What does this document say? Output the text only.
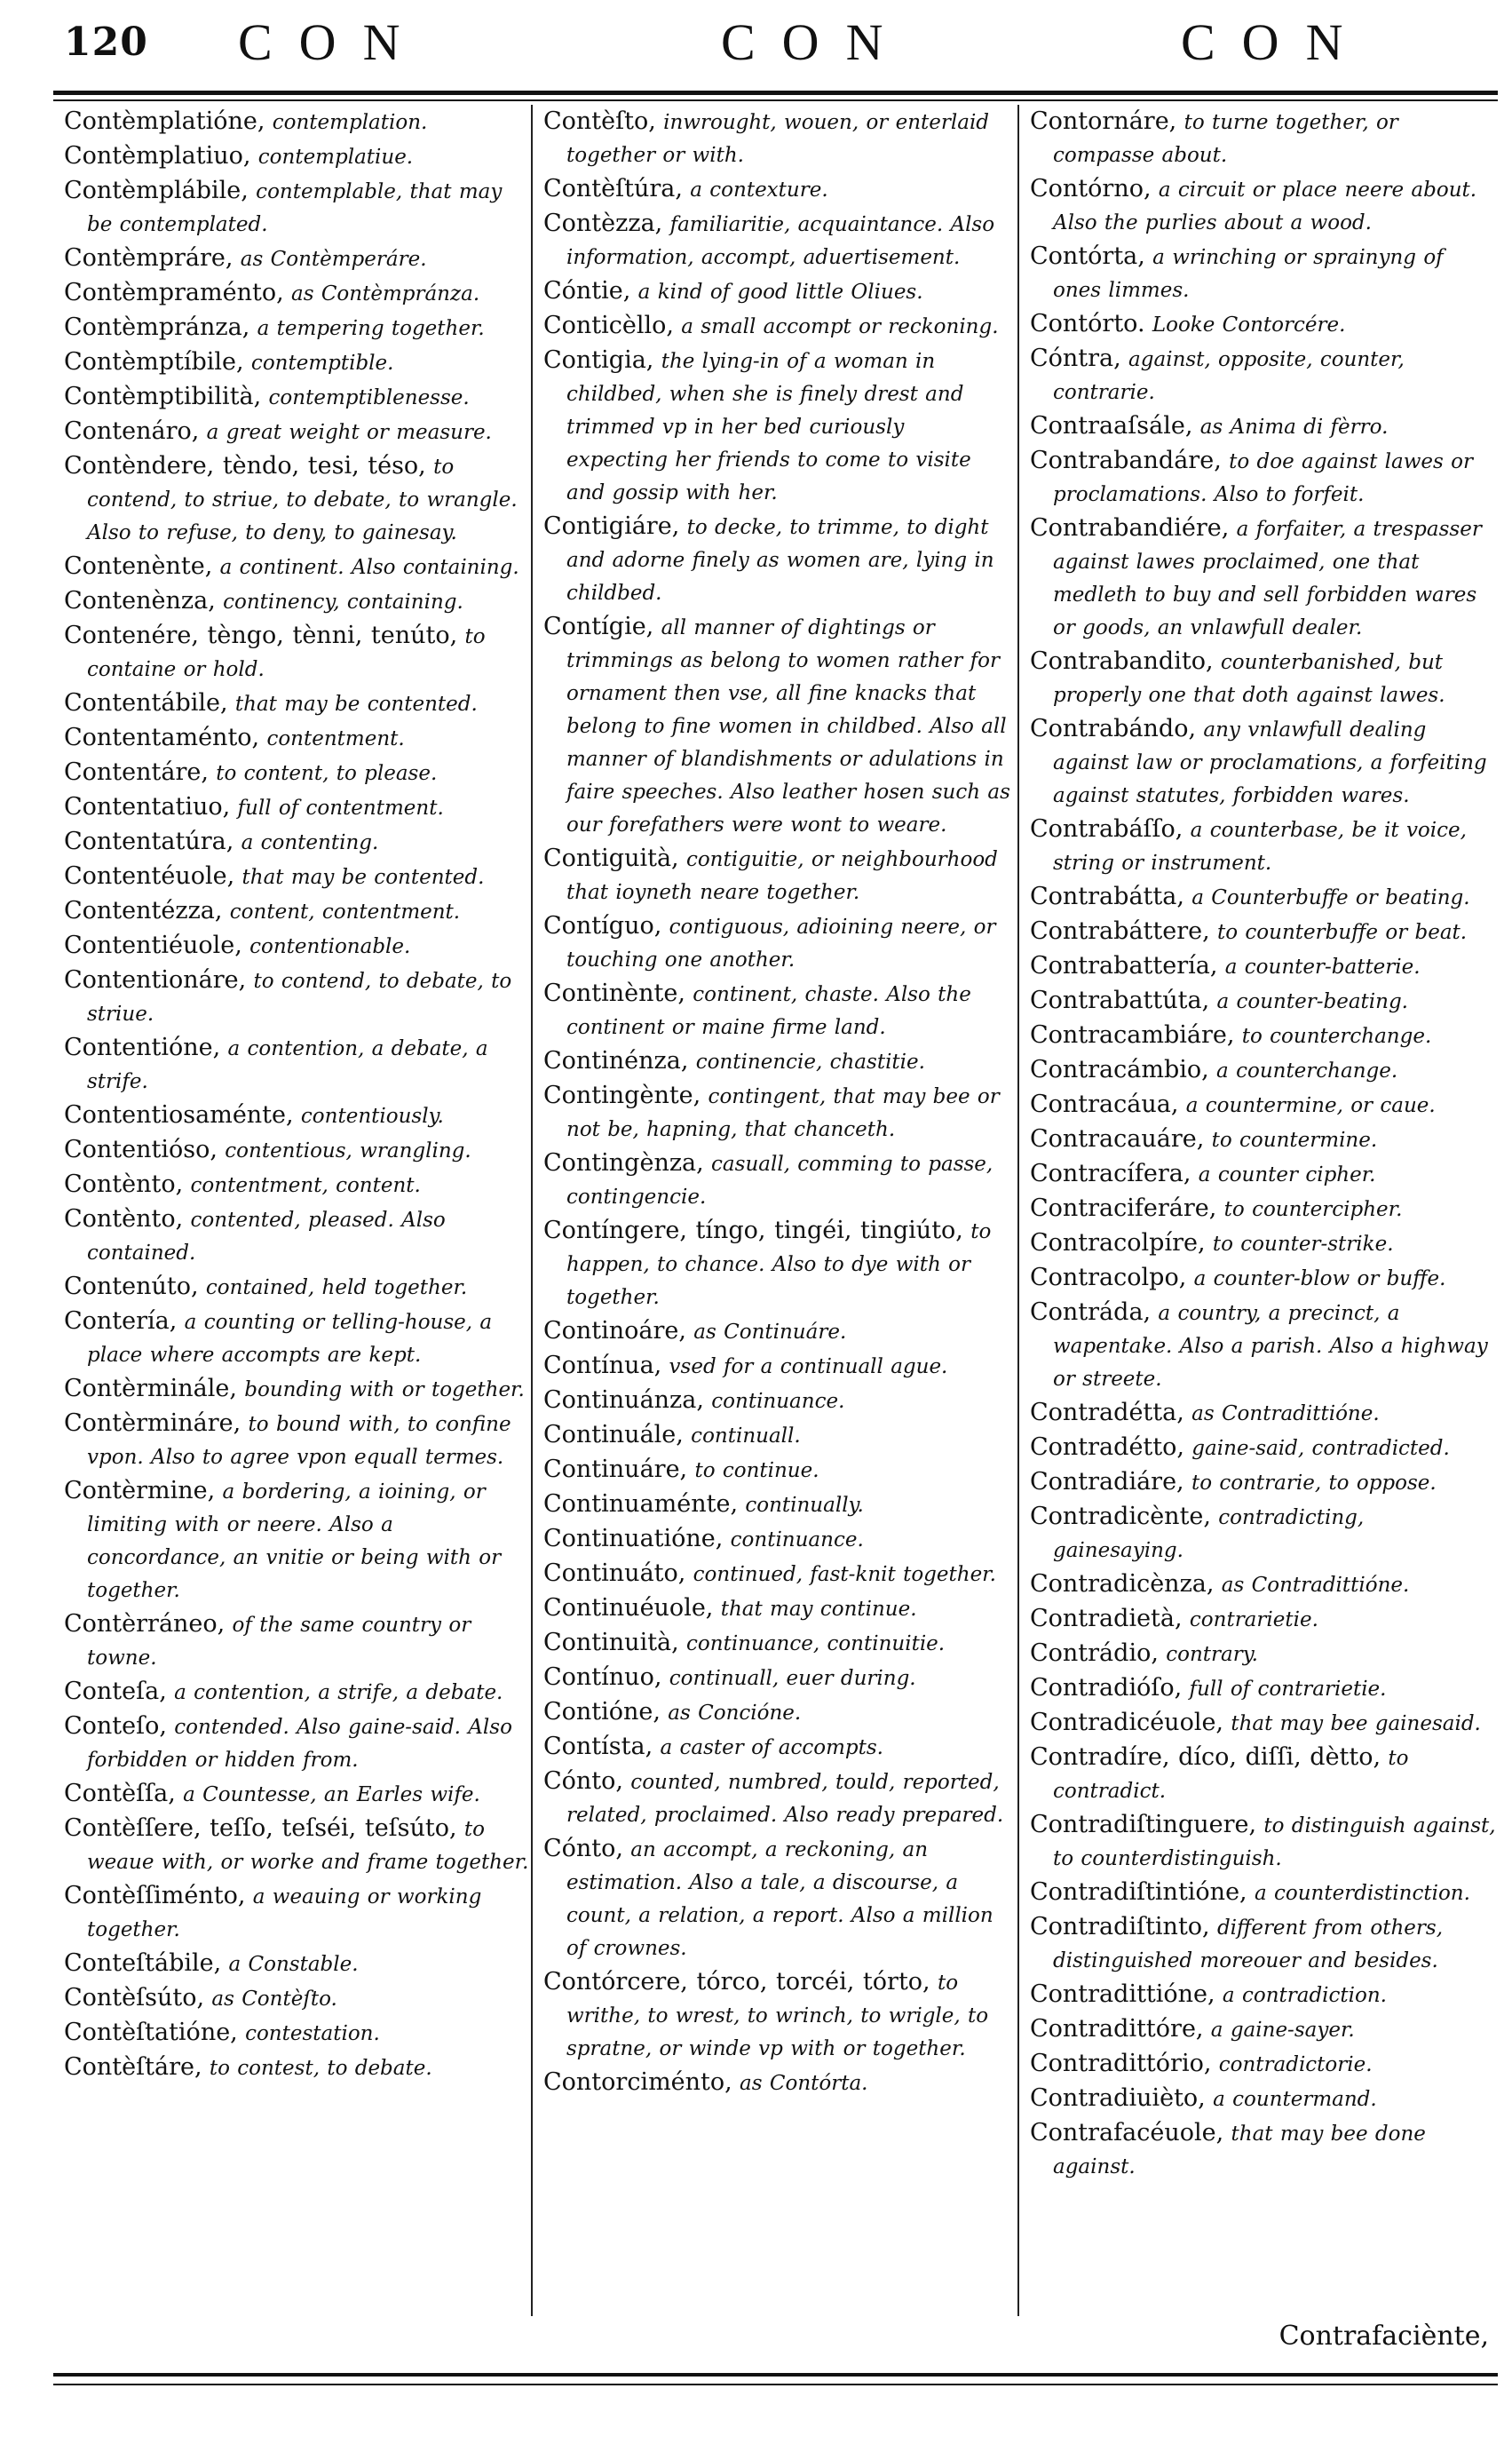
120 CON	CON	CON

Contèmplatióne, contemplation.

Contèmplatiuo, contemplatiue.

Contèmplábile, contemplable, that may be contemplated.

Contèmpráre, as Contèmperáre.

Contèmpraménto, as Contèmpránza.

Contèmpránza, a tempering together.

Contèmptíbile, contemptible.

Contèmptibilità, contemptiblenesse.

Contenáro, a great weight or measure.

Contèndere, tèndo, tesi, téso, to contend, to striue, to debate, to wrangle. Also to refuse, to deny, to gainesay.

Contenènte, a continent. Also containing.

Contenènza, continency, containing.

Contenére, tèngo, tènni, tenúto, to containe or hold.

Contentábile, that may be contented.

Contentaménto, contentment.

Contentáre, to content, to please.

Contentatiuo, full of contentment.

Contentatúra, a contenting.

Contentéuole, that may be contented.

Contentézza, content, contentment.

Contentiéuole, contentionable.

Contentionáre, to contend, to debate, to striue.

Contentióne, a contention, a debate, a strife.

Contentiosaménte, contentiously.

Contentióso, contentious, wrangling.

Contènto, contentment, content.

Contènto, contented, pleased. Also contained.

Contenúto, contained, held together.

Contería, a counting or telling-house, a place where accompts are kept.

Contèrminále, bounding with or together.

Contèrmináre, to bound with, to confine vpon. Also to agree vpon equall termes.

Contèrmine, a bordering, a ioining, or limiting with or neere. Also a concordance, an vnitie or being with or together.

Contèrráneo, of the same country or towne.

Conteſa, a contention, a strife, a debate.

Conteſo, contended. Also gaine-said. Also forbidden or hidden from.

Contèſſa, a Countesse, an Earles wife.

Contèſſere, teſſo, teſséi, teſsúto, to weaue with, or worke and frame together.

Contèſſiménto, a weauing or working together.

Conteſtábile, a Constable.

Contèſsúto, as Contèſto.

Contèſtatióne, contestation.

Contèſtáre, to contest, to debate.

Contèſto, inwrought, wouen, or enterlaid together or with.

Contèſtúra, a contexture.

Contèzza, familiaritie, acquaintance. Also information, accompt, aduertisement.

Cóntie, a kind of good little Oliues.

Conticèllo, a small accompt or reckoning.

Contigia, the lying-in of a woman in childbed, when she is finely drest and trimmed vp in her bed curiously expecting her friends to come to visite and gossip with her.

Contigiáre, to decke, to trimme, to dight and adorne finely as women are, lying in childbed.

Contígie, all manner of dightings or trimmings as belong to women rather for ornament then vse, all fine knacks that belong to fine women in childbed. Also all manner of blandishments or adulations in faire speeches. Also leather hosen such as our forefathers were wont to weare.

Contiguità, contiguitie, or neighbourhood that ioyneth neare together.

Contíguo, contiguous, adioining neere, or touching one another.

Continènte, continent, chaste. Also the continent or maine firme land.

Continénza, continencie, chastitie.

Contingènte, contingent, that may bee or not be, hapning, that chanceth.

Contingènza, casuall, comming to passe, contingencie.

Contíngere, tíngo, tingéi, tingiúto, to happen, to chance. Also to dye with or together.

Continoáre, as Continuáre.

Contínua, vsed for a continuall ague.

Continuánza, continuance.

Continuále, continuall.

Continuáre, to continue.

Continuaménte, continually.

Continuatióne, continuance.

Continuáto, continued, fast-knit together.

Continuéuole, that may continue.

Continuità, continuance, continuitie.

Contínuo, continuall, euer during.

Contióne, as Concióne.

Contísta, a caster of accompts.

Cónto, counted, numbred, tould, reported, related, proclaimed. Also ready prepared.

Cónto, an accompt, a reckoning, an estimation. Also a tale, a discourse, a count, a relation, a report. Also a million of crownes.

Contórcere, tórco, torcéi, tórto, to writhe, to wrest, to wrinch, to wrigle, to spratne, or winde vp with or together.

Contorciménto, as Contórta.

Contornáre, to turne together, or compasse about.

Contórno, a circuit or place neere about. Also the purlies about a wood.

Contórta, a wrinching or sprainyng of ones limmes.

Contórto. Looke Contorcére.

Cóntra, against, opposite, counter, contrarie.

Contraaſsále, as Anima di fèrro.

Contrabandáre, to doe against lawes or proclamations. Also to forfeit.

Contrabandiére, a forfaiter, a trespasser against lawes proclaimed, one that medleth to buy and sell forbidden wares or goods, an vnlawfull dealer.

Contrabandito, counterbanished, but properly one that doth against lawes.

Contrabándo, any vnlawfull dealing against law or proclamations, a forfeiting against statutes, forbidden wares.

Contrabáſſo, a counterbase, be it voice, string or instrument.

Contrabátta, a Counterbuffe or beating.

Contrabáttere, to counterbuffe or beat.

Contrabattería, a counter-batterie.

Contrabattúta, a counter-beating.

Contracambiáre, to counterchange.

Contracámbio, a counterchange.

Contracáua, a countermine, or caue.

Contracauáre, to countermine.

Contracífera, a counter cipher.

Contraciferáre, to countercipher.

Contracolpíre, to counter-strike.

Contracolpo, a counter-blow or buffe.

Contráda, a country, a precinct, a wapentake. Also a parish. Also a highway or streete.

Contradétta, as Contradittióne.

Contradétto, gaine-said, contradicted.

Contradiáre, to contrarie, to oppose.

Contradicènte, contradicting, gainesaying.

Contradicènza, as Contradittióne.

Contradietà, contrarietie.

Contrádio, contrary.

Contradióſo, full of contrarietie.

Contradicéuole, that may bee gainesaid.

Contradíre, díco, diſſi, dètto, to contradict.

Contradiſtinguere, to distinguish against, to counterdistinguish.

Contradiſtintióne, a counterdistinction.

Contradiſtinto, different from others, distinguished moreouer and besides.

Contradittióne, a contradiction.

Contradittóre, a gaine-sayer.

Contradittório, contradictorie.

Contradiuièto, a countermand.

Contrafacéuole, that may bee done against.

Contrafaciènte,
